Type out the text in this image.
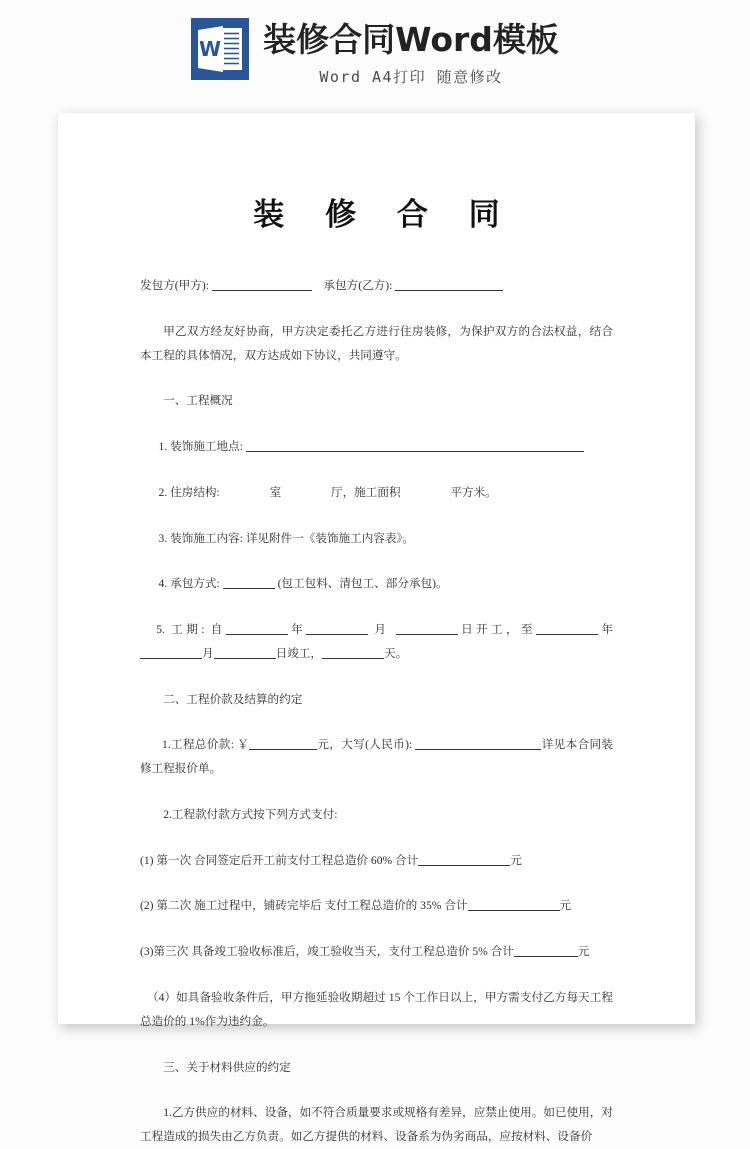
W 装修合同Word模板
Word A4打印 随意修改
装 修 合 同

发包方(甲方):	承包方(乙方):

甲乙双方经友好协商，甲方决定委托乙方进行住房装修，为保护双方的合法权益，结合本工程的具体情况，双方达成如下协议，共同遵守。

一、工程概况

1. 装饰施工地点:

2. 住房结构:	室	厅，施工面积	平方米。

3. 装饰施工内容: 详见附件一《装饰施工内容表》。

4. 承包方式:	(包工包料、清包工、部分承包)。

5. 工期: 自	年	月	日开工，至	年月	日竣工，	天。

二、工程价款及结算的约定

1.工程总价款: ￥	元，大写(人民币):	详见本合同装修工程报价单。

2.工程款付款方式按下列方式支付:

(1) 第一次 合同签定后开工前支付工程总造价 60% 合计	元

(2) 第二次 施工过程中，铺砖完毕后 支付工程总造价的 35% 合计	元

(3)第三次 具备竣工验收标准后，竣工验收当天，支付工程总造价 5% 合计	元

（4）如具备验收条件后，甲方拖延验收期超过 15 个工作日以上，甲方需支付乙方每天工程总造价的 1%作为违约金。

三、关于材料供应的约定

1.乙方供应的材料、设备，如不符合质量要求或规格有差异，应禁止使用。如已使用，对工程造成的损失由乙方负责。如乙方提供的材料、设备系为伪劣商品，应按材料、设备价
